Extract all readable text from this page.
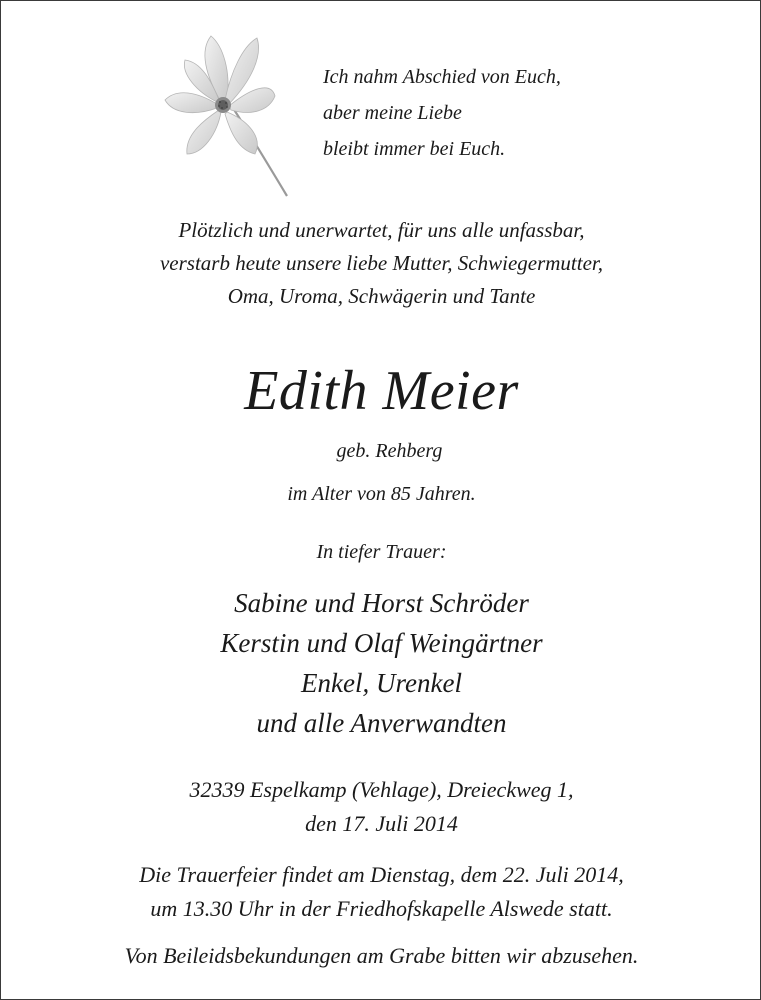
Ich nahm Abschied von Euch,
aber meine Liebe
bleibt immer bei Euch.
Plötzlich und unerwartet, für uns alle unfassbar,
verstarb heute unsere liebe Mutter, Schwiegermutter,
Oma, Uroma, Schwägerin und Tante
Edith Meier
geb. Rehberg
im Alter von 85 Jahren.
In tiefer Trauer:
Sabine und Horst Schröder
Kerstin und Olaf Weingärtner
Enkel, Urenkel
und alle Anverwandten
32339 Espelkamp (Vehlage), Dreieckweg 1,
den 17. Juli 2014
Die Trauerfeier findet am Dienstag, dem 22. Juli 2014,
um 13.30 Uhr in der Friedhofskapelle Alswede statt.
Von Beileidsbekundungen am Grabe bitten wir abzusehen.
